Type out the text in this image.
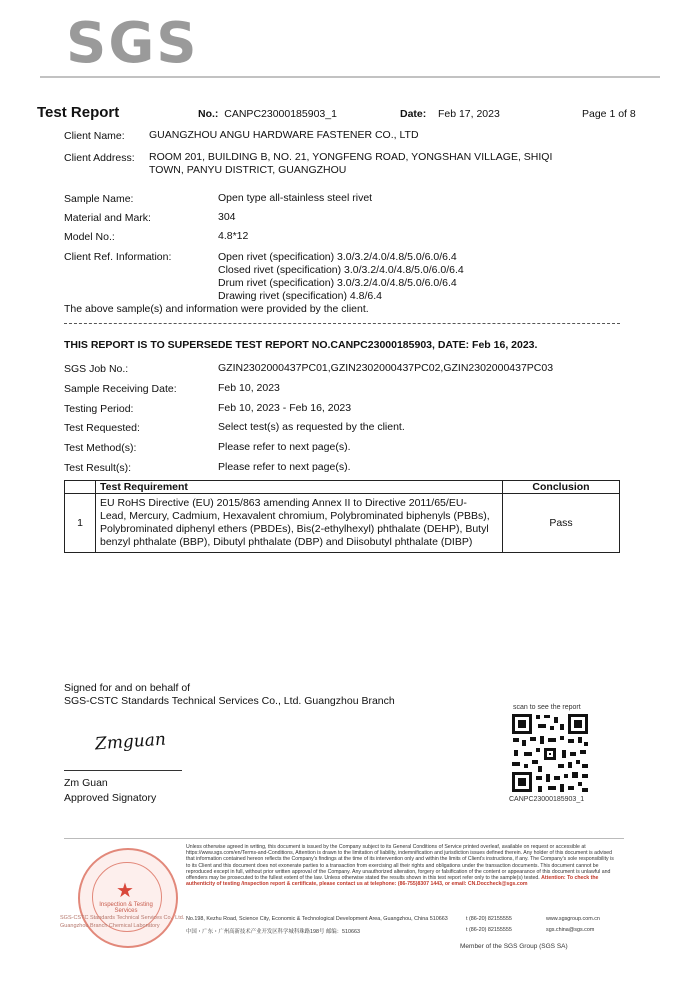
SGS
Test Report	No.: CANPC23000185903_1	Date: Feb 17, 2023	Page 1 of 8
Client Name: GUANGZHOU ANGU HARDWARE FASTENER CO., LTD
Client Address: ROOM 201, BUILDING B, NO. 21, YONGFENG ROAD, YONGSHAN VILLAGE, SHIQI
TOWN, PANYU DISTRICT, GUANGZHOU
Sample Name:	Open type all-stainless steel rivet
Material and Mark:	304
Model No.:	4.8*12
Client Ref. Information:	Open rivet (specification) 3.0/3.2/4.0/4.8/5.0/6.0/6.4
Closed rivet (specification) 3.0/3.2/4.0/4.8/5.0/6.0/6.4
Drum rivet (specification) 3.0/3.2/4.0/4.8/5.0/6.0/6.4
Drawing rivet (specification) 4.8/6.4
The above sample(s) and information were provided by the client.
THIS REPORT IS TO SUPERSEDE TEST REPORT NO.CANPC23000185903, DATE: Feb 16, 2023.
SGS Job No.:	GZIN2302000437PC01,GZIN2302000437PC02,GZIN2302000437PC03
Sample Receiving Date:	Feb 10, 2023
Testing Period:	Feb 10, 2023 - Feb 16, 2023
Test Requested:	Select test(s) as requested by the client.
Test Method(s):	Please refer to next page(s).
Test Result(s):	Please refer to next page(s).
	Test Requirement	Conclusion
1	EU RoHS Directive (EU) 2015/863 amending Annex II to Directive 2011/65/EU-
Lead, Mercury, Cadmium, Hexavalent chromium, Polybrominated biphenyls (PBBs),
Polybrominated diphenyl ethers (PBDEs), Bis(2-ethylhexyl) phthalate (DEHP), Butyl
benzyl phthalate (BBP), Dibutyl phthalate (DBP) and Diisobutyl phthalate (DIBP)	Pass
Signed for and on behalf of
SGS-CSTC Standards Technical Services Co., Ltd. Guangzhou Branch
Zmguan
Zm Guan
Approved Signatory
scan to see the report
CANPC23000185903_1
★
Inspection & Testing Services
SGS-CSTC Standards Technical Services Co., Ltd.
Guangzhou Branch Chemical Laboratory
Unless otherwise agreed in writing, this document is issued by the Company subject to its General Conditions of Service printed overleaf, available on request or accessible at https://www.sgs.com/en/Terms-and-Conditions, Attention is drawn to the limitation of liability, indemnification and jurisdiction issues defined therein. Any holder of this document is advised that information contained hereon reflects the Company's findings at the time of its intervention only and within the limits of Client's instructions, if any. The Company's sole responsibility is to its Client and this document does not exonerate parties to a transaction from exercising all their rights and obligations under the transaction documents. This document cannot be reproduced except in full, without prior written approval of the Company. Any unauthorized alteration, forgery or falsification of the content or appearance of this document is unlawful and offenders may be prosecuted to the fullest extent of the law. Unless otherwise stated the results shown in this test report refer only to the sample(s) tested. Attention: To check the authenticity of testing /inspection report & certificate, please contact us at telephone: (86-755)8307 1443, or email: CN.Doccheck@sgs.com
No.198, Kezhu Road, Science City, Economic & Technological Development Area, Guangzhou, China 510663
中国・广东・广州高新技术产业开发区科学城科珠路198号 邮编：510663
t (86-20) 82155555
t (86-20) 82155555
www.sgsgroup.com.cn
sgs.china@sgs.com
Member of the SGS Group (SGS SA)
